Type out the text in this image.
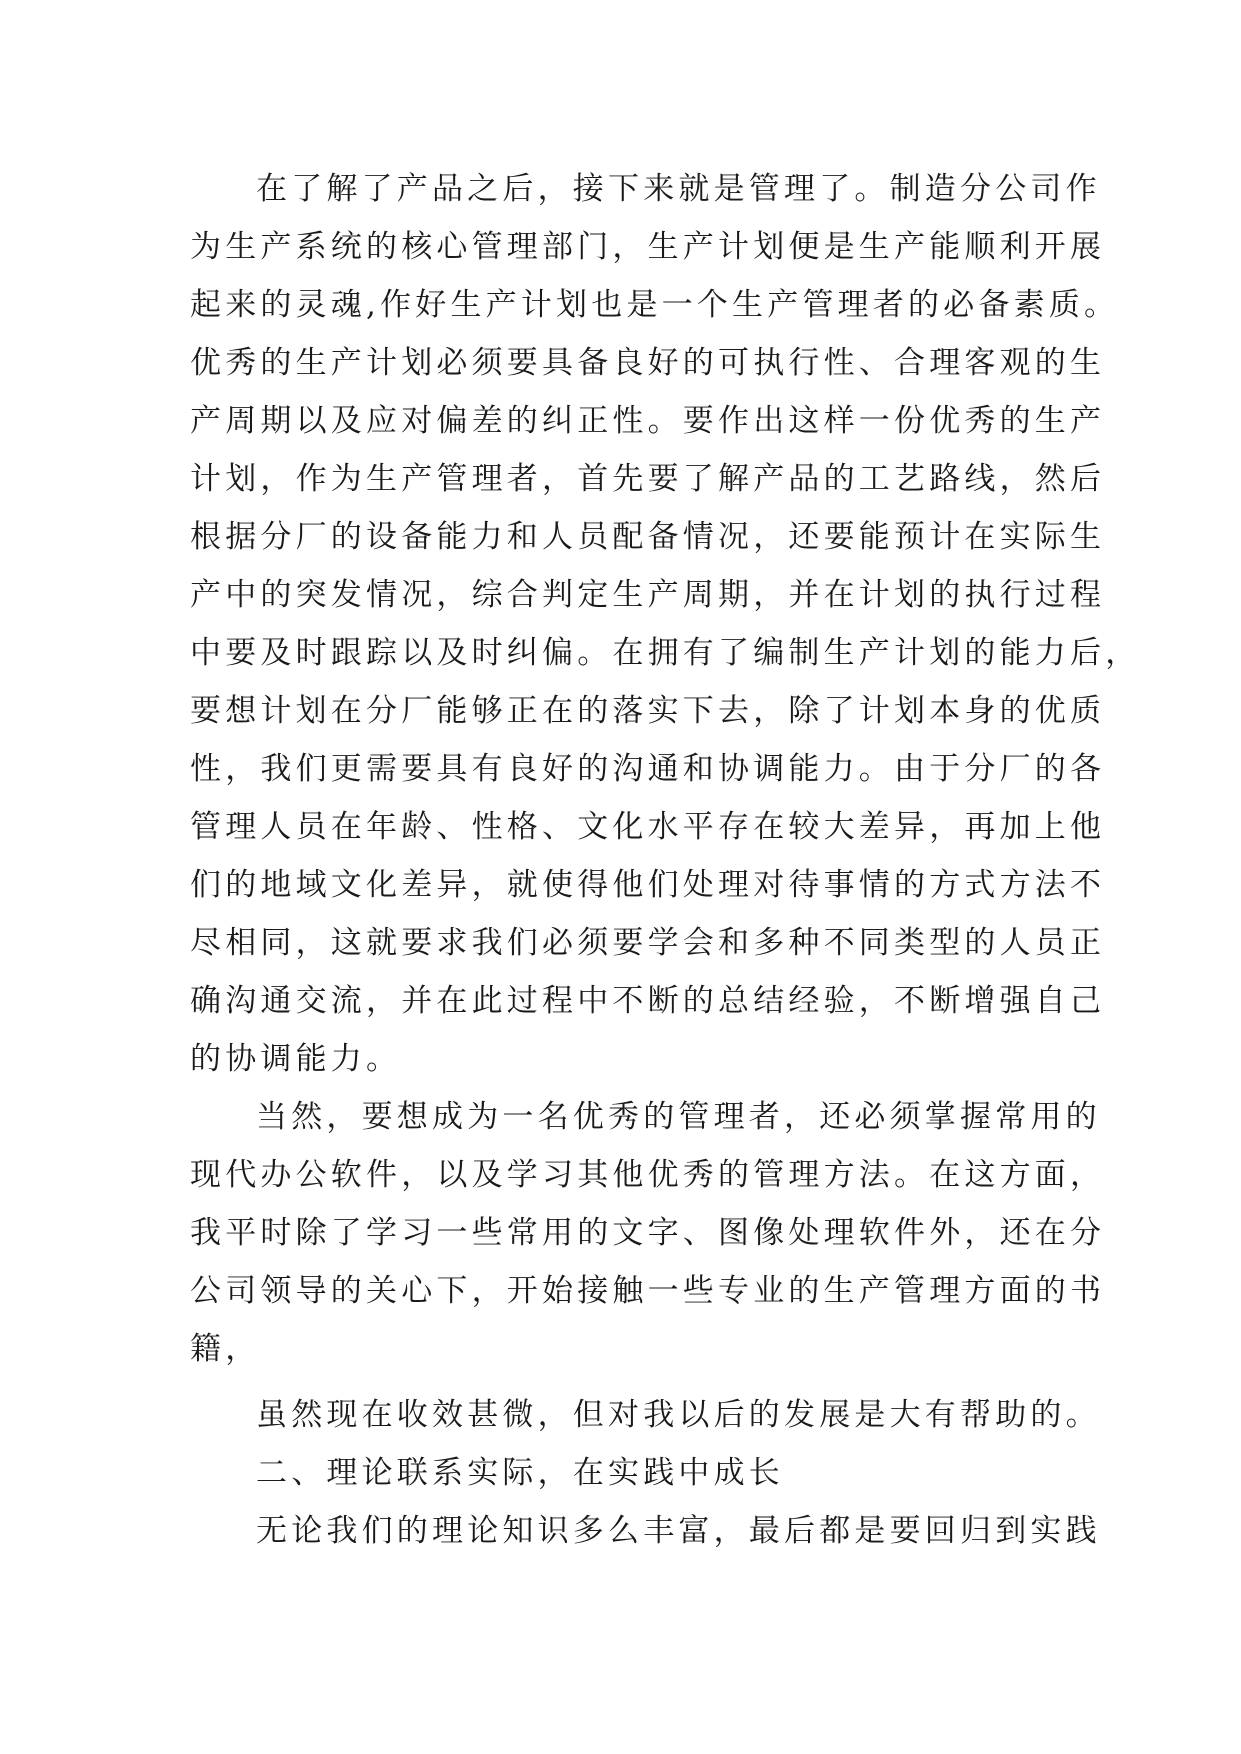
在了解了产品之后，接下来就是管理了。制造分公司作
为生产系统的核心管理部门，生产计划便是生产能顺利开展
起来的灵魂,作好生产计划也是一个生产管理者的必备素质。
优秀的生产计划必须要具备良好的可执行性、合理客观的生
产周期以及应对偏差的纠正性。要作出这样一份优秀的生产
计划，作为生产管理者，首先要了解产品的工艺路线，然后
根据分厂的设备能力和人员配备情况，还要能预计在实际生
产中的突发情况，综合判定生产周期，并在计划的执行过程
中要及时跟踪以及时纠偏。在拥有了编制生产计划的能力后，
要想计划在分厂能够正在的落实下去，除了计划本身的优质
性，我们更需要具有良好的沟通和协调能力。由于分厂的各
管理人员在年龄、性格、文化水平存在较大差异，再加上他
们的地域文化差异，就使得他们处理对待事情的方式方法不
尽相同，这就要求我们必须要学会和多种不同类型的人员正
确沟通交流，并在此过程中不断的总结经验，不断增强自己
的协调能力。
当然，要想成为一名优秀的管理者，还必须掌握常用的
现代办公软件，以及学习其他优秀的管理方法。在这方面，
我平时除了学习一些常用的文字、图像处理软件外，还在分
公司领导的关心下，开始接触一些专业的生产管理方面的书
籍，
虽然现在收效甚微，但对我以后的发展是大有帮助的。
二、理论联系实际，在实践中成长
无论我们的理论知识多么丰富，最后都是要回归到实践
